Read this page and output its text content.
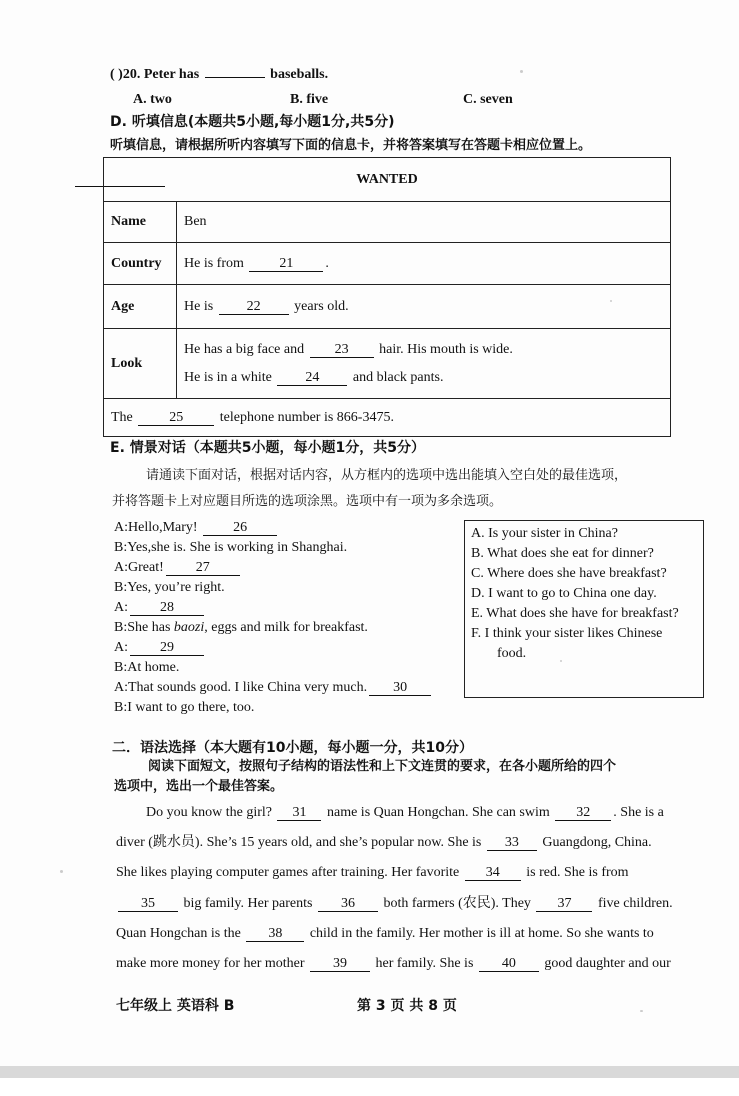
( )20. Peter has	baseballs.
A. two	B. five	C. seven
D. 听填信息(本题共5小题,每小题1分,共5分)
听填信息，请根据所听内容填写下面的信息卡，并将答案填写在答题卡相应位置上。
WANTED	
Name	Ben
Country	He is from 21 .
Age	He is 22 years old.
Look	He has a big face and 23 hair. His mouth is wide.
He is in a white 24 and black pants.

The 25 telephone number is 866-3475.	
E. 情景对话（本题共5小题，每小题1分，共5分）
请通读下面对话，根据对话内容，从方框内的选项中选出能填入空白处的最佳选项，
并将答题卡上对应题目所选的选项涂黑。选项中有一项为多余选项。
A:Hello,Mary!	26
B:Yes,she is. She is working in Shanghai.
A:Great! 27
B:Yes, you’re right.
A: 28
B:She has baozi, eggs and milk for breakfast.
A: 29
B:At home.
A:That sounds good. I like China very much. 30
B:I want to go there, too.
A. Is your sister in China?
B. What does she eat for dinner?
C. Where does she have breakfast?
D. I want to go to China one day.
E. What does she have for breakfast?
F. I think your sister likes Chinese
food.
二．语法选择（本大题有10小题，每小题一分，共10分）
阅读下面短文，按照句子结构的语法性和上下文连贯的要求，在各小题所给的四个
选项中，选出一个最佳答案。
Do you know the girl? 31 name is Quan Hongchan. She can swim 32 . She is a
diver (跳水员). She’s 15 years old, and she’s popular now. She is 33 Guangdong, China.
She likes playing computer games after training. Her favorite 34 is red. She is from
35 big family. Her parents 36 both farmers (农民). They 37 five children.
Quan Hongchan is the 38 child in the family. Her mother is ill at home. So she wants to
make more money for her mother 39 her family. She is 40 good daughter and our
七年级上 英语科 B	第 3 页 共 8 页
